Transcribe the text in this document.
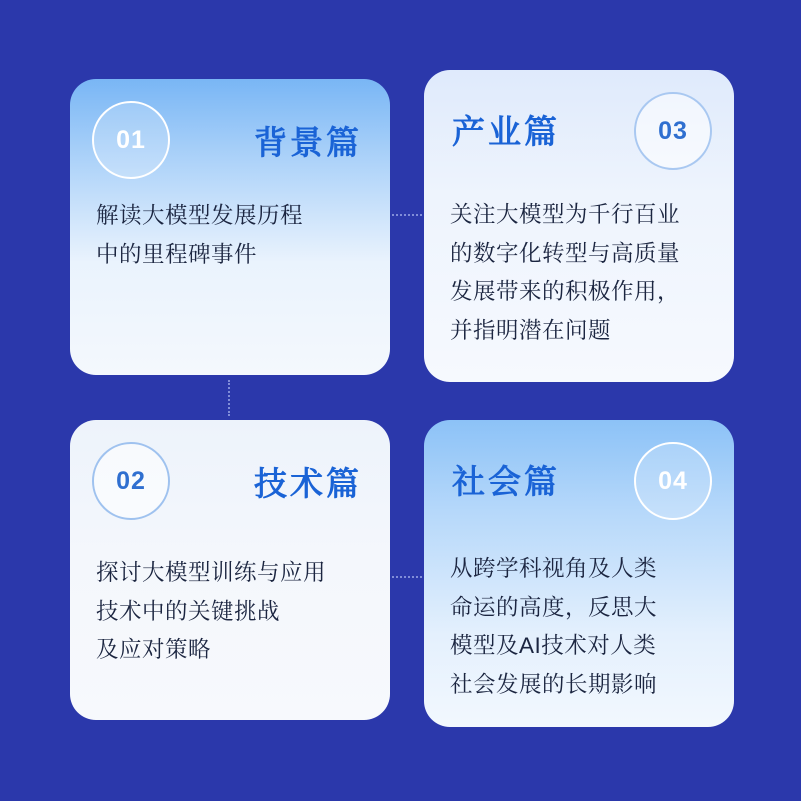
01	背景篇
解读大模型发展历程
中的里程碑事件
02	技术篇
探讨大模型训练与应用
技术中的关键挑战
及应对策略
03
产业篇
关注大模型为千行百业
的数字化转型与高质量
发展带来的积极作用，
并指明潜在问题
04
社会篇
从跨学科视角及人类
命运的高度，反思大
模型及AI技术对人类
社会发展的长期影响
